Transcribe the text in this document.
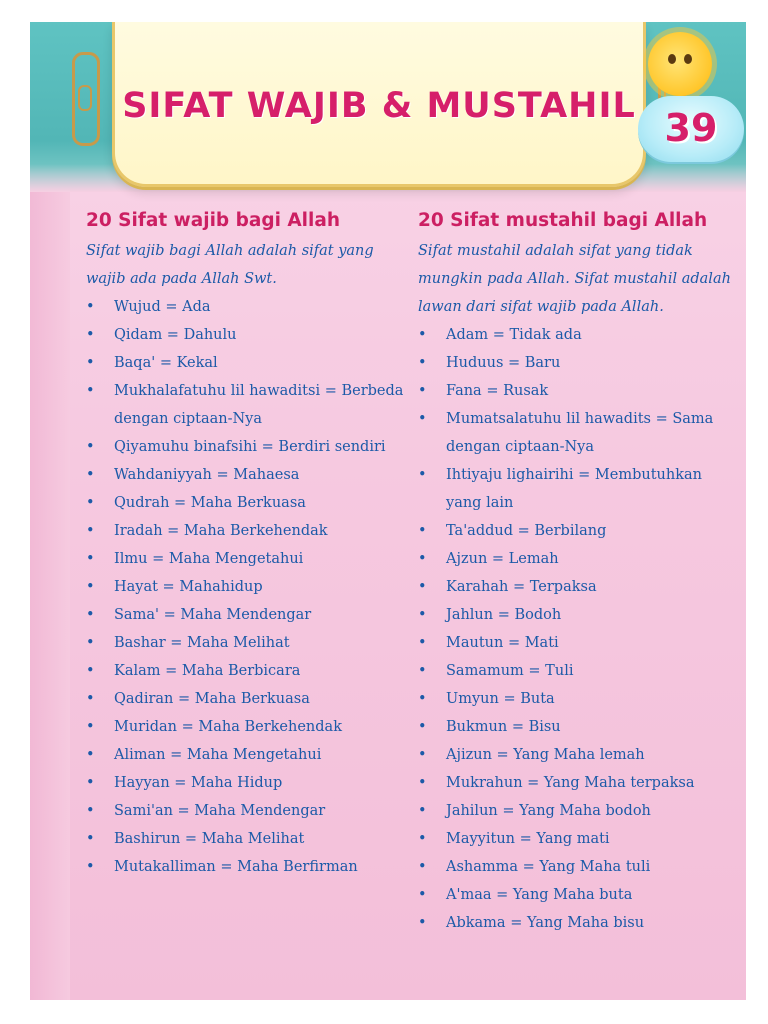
SIFAT WAJIB & MUSTAHIL 39
20 Sifat wajib bagi Allah

Sifat wajib bagi Allah adalah sifat yang wajib ada pada Allah Swt.

• Wujud = Ada
• Qidam = Dahulu
• Baqa' = Kekal
• Mukhalafatuhu lil hawaditsi = Berbeda dengan ciptaan-Nya
• Qiyamuhu binafsihi = Berdiri sendiri
• Wahdaniyyah = Mahaesa
• Qudrah = Maha Berkuasa
• Iradah = Maha Berkehendak
• Ilmu = Maha Mengetahui
• Hayat = Mahahidup
• Sama' = Maha Mendengar
• Bashar = Maha Melihat
• Kalam = Maha Berbicara
• Qadiran = Maha Berkuasa
• Muridan = Maha Berkehendak
• Aliman = Maha Mengetahui
• Hayyan = Maha Hidup
• Sami'an = Maha Mendengar
• Bashirun = Maha Melihat
• Mutakalliman = Maha Berfirman
20 Sifat mustahil bagi Allah

Sifat mustahil adalah sifat yang tidak mungkin pada Allah. Sifat mustahil adalah lawan dari sifat wajib pada Allah.

• Adam = Tidak ada
• Huduus = Baru
• Fana = Rusak
• Mumatsalatuhu lil hawadits = Sama dengan ciptaan-Nya
• Ihtiyaju lighairihi = Membutuhkan yang lain
• Ta'addud = Berbilang
• Ajzun = Lemah
• Karahah = Terpaksa
• Jahlun = Bodoh
• Mautun = Mati
• Samamum = Tuli
• Umyun = Buta
• Bukmun = Bisu
• Ajizun = Yang Maha lemah
• Mukrahun = Yang Maha terpaksa
• Jahilun = Yang Maha bodoh
• Mayyitun = Yang mati
• Ashamma = Yang Maha tuli
• A'maa = Yang Maha buta
• Abkama = Yang Maha bisu
